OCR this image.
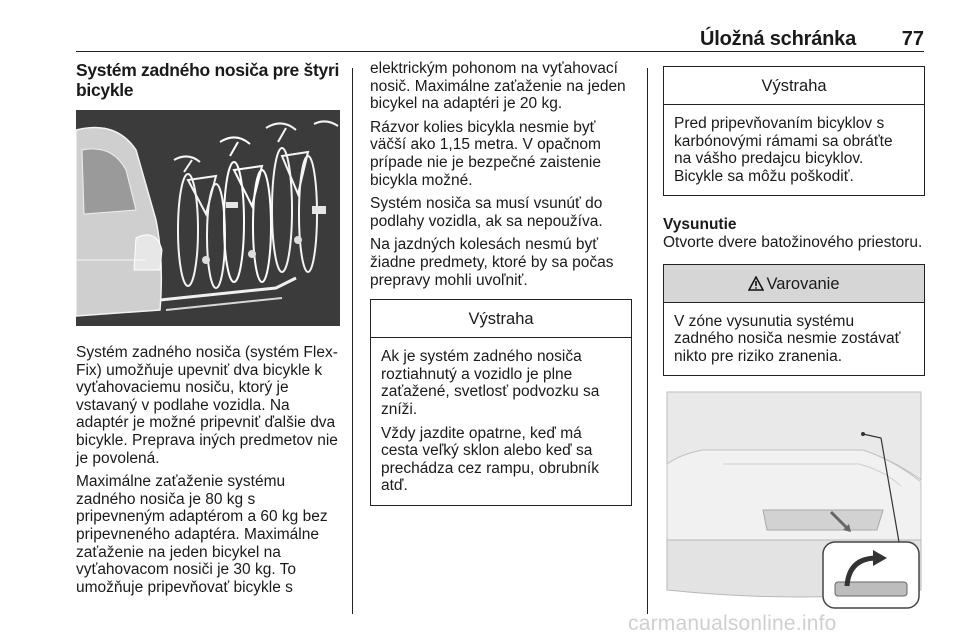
Úložná schránka 77
Systém zadného nosiča pre štyri bicykle

Systém zadného nosiča (systém Flex-Fix) umožňuje upevniť dva bicykle k vyťahovaciemu nosiču, ktorý je vstavaný v podlahe vozidla. Na adaptér je možné pripevniť ďalšie dva bicykle. Preprava iných predmetov nie je povolená.

Maximálne zaťaženie systému zadného nosiča je 80 kg s pripevneným adaptérom a 60 kg bez pripevneného adaptéra. Maximálne zaťaženie na jeden bicykel na vyťahovacom nosiči je 30 kg. To umožňuje pripevňovať bicykle s

elektrickým pohonom na vyťahovací nosič. Maximálne zaťaženie na jeden bicykel na adaptéri je 20 kg.

Rázvor kolies bicykla nesmie byť väčší ako 1,15 metra. V opačnom prípade nie je bezpečné zaistenie bicykla možné.

Systém nosiča sa musí vsunúť do podlahy vozidla, ak sa nepoužíva.

Na jazdných kolesách nesmú byť žiadne predmety, ktoré by sa počas prepravy mohli uvoľniť.

Výstraha

Ak je systém zadného nosiča roztiahnutý a vozidlo je plne zaťažené, svetlosť podvozku sa zníži.

Vždy jazdite opatrne, keď má cesta veľký sklon alebo keď sa prechádza cez rampu, obrubník atď.

Výstraha

Pred pripevňovaním bicyklov s karbónovými rámami sa obráťte na vášho predajcu bicyklov. Bicykle sa môžu poškodiť.

Vysunutie

Otvorte dvere batožinového priestoru.

Varovanie

V zóne vysunutia systému zadného nosiča nesmie zostávať nikto pre riziko zranenia.

carmanualsonline.info
